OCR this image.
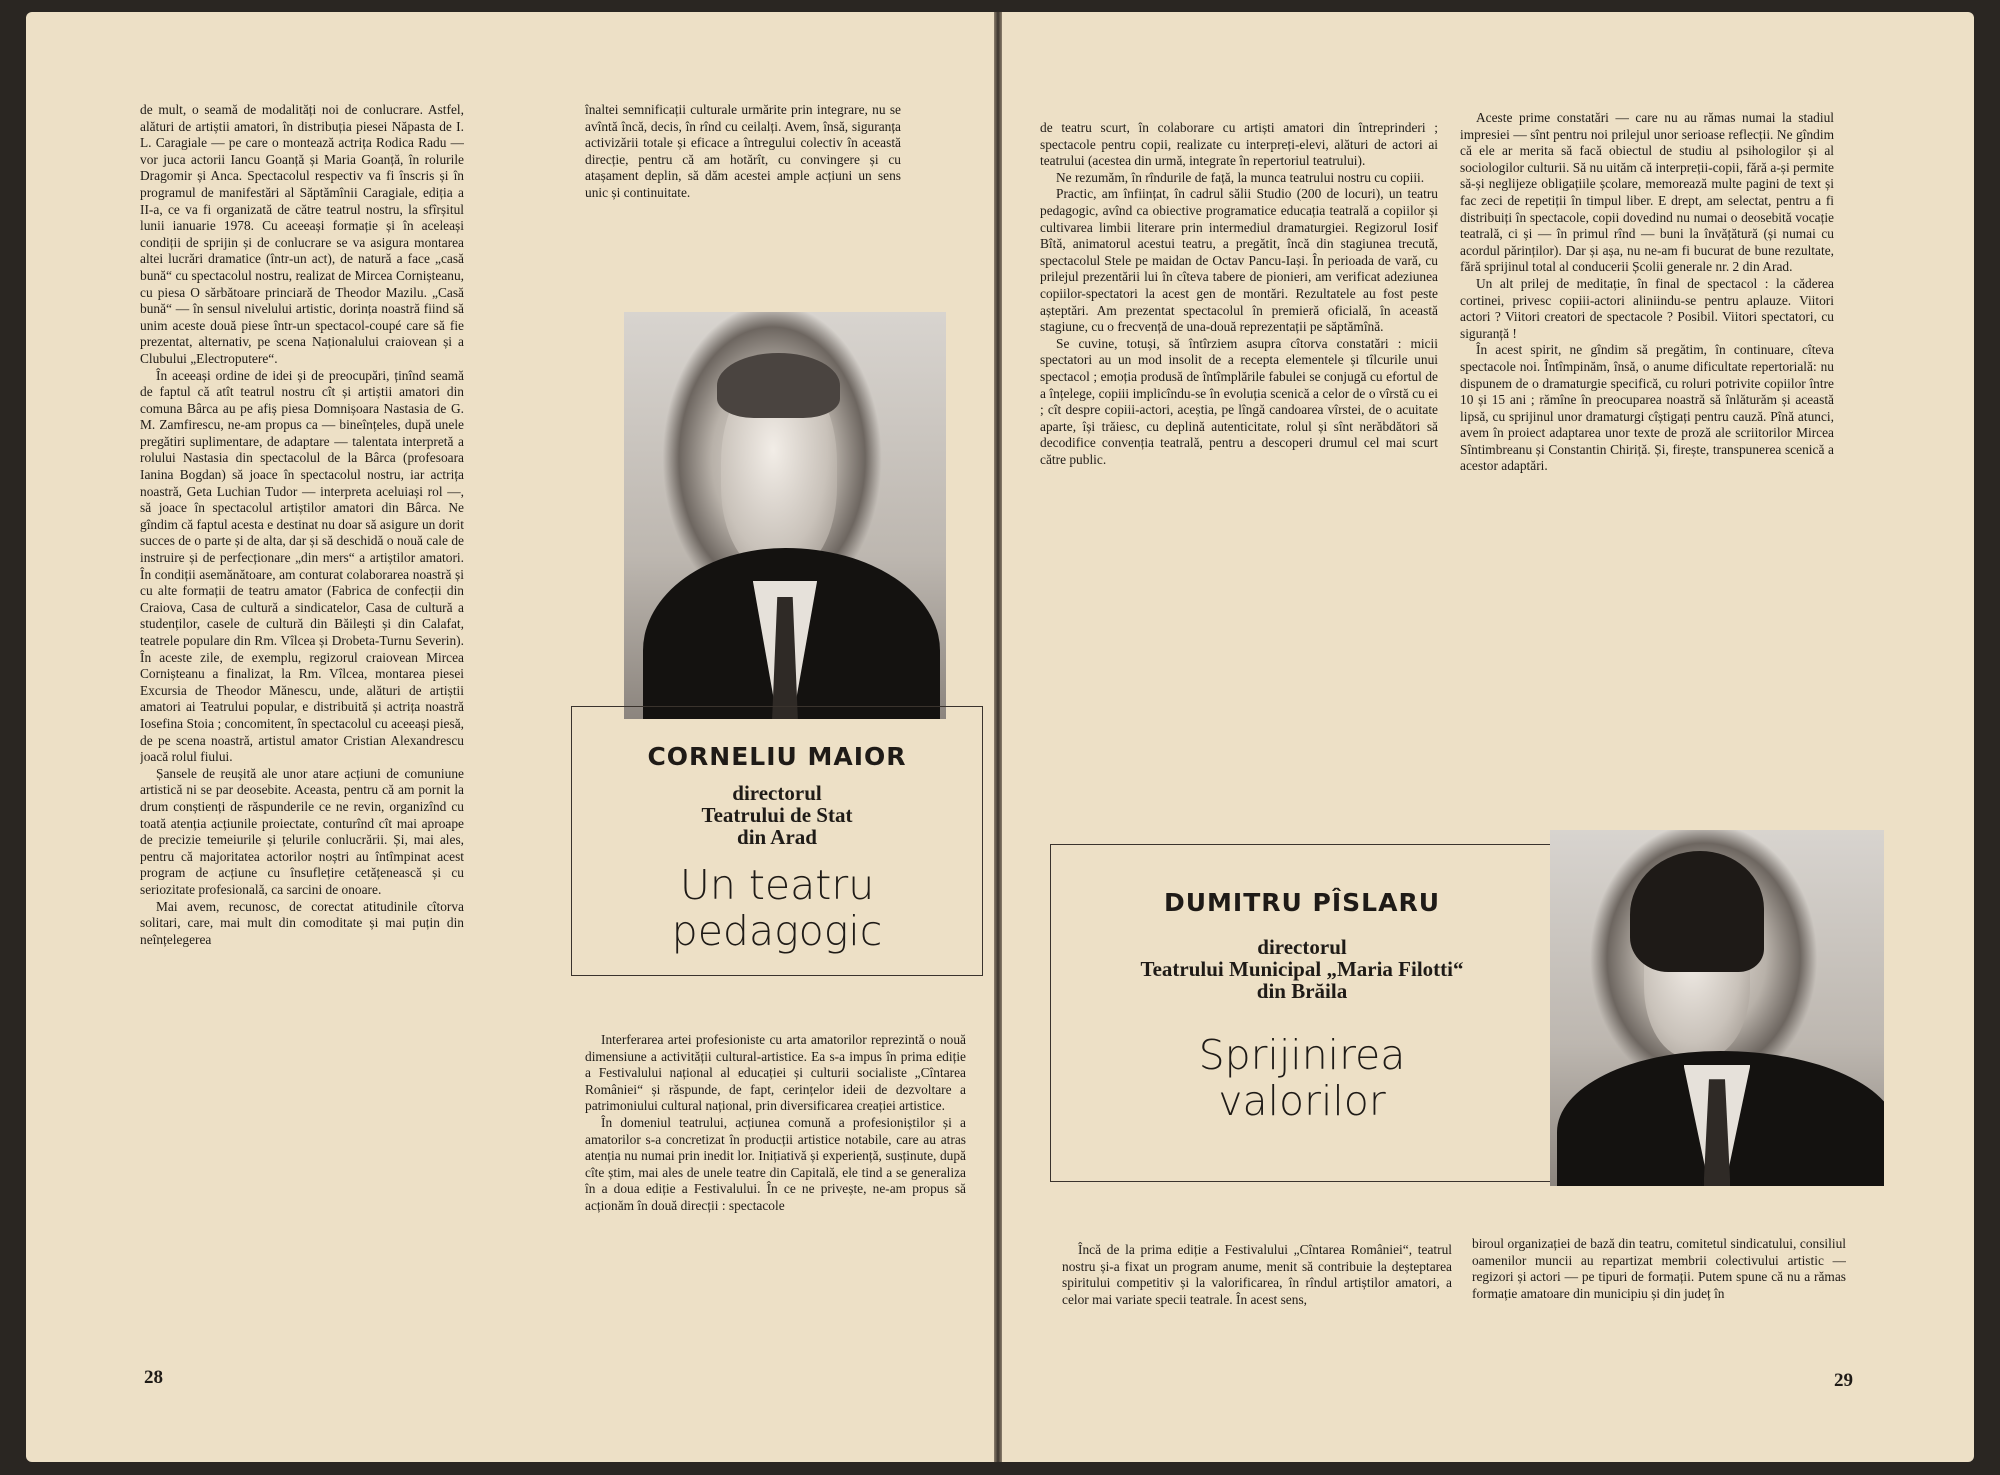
de mult, o seamă de modalități noi de conlucrare. Astfel, alături de artiștii amatori, în distribuția piesei Năpasta de I. L. Caragiale — pe care o montează actrița Rodica Radu — vor juca actorii Iancu Goanță și Maria Goanță, în rolurile Dragomir și Anca. Spectacolul respectiv va fi înscris și în programul de manifestări al Săptămînii Caragiale, ediția a II-a, ce va fi organizată de către teatrul nostru, la sfîrșitul lunii ianuarie 1978. Cu aceeași formație și în aceleași condiții de sprijin și de conlucrare se va asigura montarea altei lucrări dramatice (într-un act), de natură a face „casă bună“ cu spectacolul nostru, realizat de Mircea Cornișteanu, cu piesa O sărbătoare princiară de Theodor Mazilu. „Casă bună“ — în sensul nivelului artistic, dorința noastră fiind să unim aceste două piese într-un spectacol-coupé care să fie prezentat, alternativ, pe scena Naționalului craiovean și a Clubului „Electroputere“.

În aceeași ordine de idei și de preocupări, ținînd seamă de faptul că atît teatrul nostru cît și artiștii amatori din comuna Bârca au pe afiș piesa Domnișoara Nastasia de G. M. Zamfirescu, ne-am propus ca — bineînțeles, după unele pregătiri suplimentare, de adaptare — talentata interpretă a rolului Nastasia din spectacolul de la Bârca (profesoara Ianina Bogdan) să joace în spectacolul nostru, iar actrița noastră, Geta Luchian Tudor — interpreta aceluiași rol —, să joace în spectacolul artiștilor amatori din Bârca. Ne gîndim că faptul acesta e destinat nu doar să asigure un dorit succes de o parte și de alta, dar și să deschidă o nouă cale de instruire și de perfecționare „din mers“ a artiștilor amatori. În condiții asemănătoare, am conturat colaborarea noastră și cu alte formații de teatru amator (Fabrica de confecții din Craiova, Casa de cultură a sindicatelor, Casa de cultură a studenților, casele de cultură din Băilești și din Calafat, teatrele populare din Rm. Vîlcea și Drobeta-Turnu Severin). În aceste zile, de exemplu, regizorul craiovean Mircea Cornișteanu a finalizat, la Rm. Vîlcea, montarea piesei Excursia de Theodor Mănescu, unde, alături de artiștii amatori ai Teatrului popular, e distribuită și actrița noastră Iosefina Stoia ; concomitent, în spectacolul cu aceeași piesă, de pe scena noastră, artistul amator Cristian Alexandrescu joacă rolul fiului.

Șansele de reușită ale unor atare acțiuni de comuniune artistică ni se par deosebite. Aceasta, pentru că am pornit la drum conștienți de răspunderile ce ne revin, organizînd cu toată atenția acțiunile proiectate, conturînd cît mai aproape de precizie temeiurile și țelurile conlucrării. Și, mai ales, pentru că majoritatea actorilor noștri au întîmpinat acest program de acțiune cu însuflețire cetățenească și cu seriozitate profesională, ca sarcini de onoare.

Mai avem, recunosc, de corectat atitudinile cîtorva solitari, care, mai mult din comoditate și mai puțin din neînțelegerea

înaltei semnificații culturale urmărite prin integrare, nu se avîntă încă, decis, în rînd cu ceilalți. Avem, însă, siguranța activizării totale și eficace a întregului colectiv în această direcție, pentru că am hotărît, cu convingere și cu atașament deplin, să dăm acestei ample acțiuni un sens unic și continuitate.

CORNELIU MAIOR
directorul
Teatrului de Stat
din Arad
Un teatru
pedagogic

Interferarea artei profesioniste cu arta amatorilor reprezintă o nouă dimensiune a activității cultural-artistice. Ea s-a impus în prima ediție a Festivalului național al educației și culturii socialiste „Cîntarea României“ și răspunde, de fapt, cerințelor ideii de dezvoltare a patrimoniului cultural național, prin diversificarea creației artistice.

În domeniul teatrului, acțiunea comună a profesioniștilor și a amatorilor s-a concretizat în producții artistice notabile, care au atras atenția nu numai prin inedit lor. Inițiativă și experiență, susținute, după cîte știm, mai ales de unele teatre din Capitală, ele tind a se generaliza în a doua ediție a Festivalului. În ce ne privește, ne-am propus să acționăm în două direcții : spectacole

28

de teatru scurt, în colaborare cu artiști amatori din întreprinderi ; spectacole pentru copii, realizate cu interpreți-elevi, alături de actori ai teatrului (acestea din urmă, integrate în repertoriul teatrului).

Ne rezumăm, în rîndurile de față, la munca teatrului nostru cu copiii.

Practic, am înființat, în cadrul sălii Studio (200 de locuri), un teatru pedagogic, avînd ca obiective programatice educația teatrală a copiilor și cultivarea limbii literare prin intermediul dramaturgiei. Regizorul Iosif Bîtă, animatorul acestui teatru, a pregătit, încă din stagiunea trecută, spectacolul Stele pe maidan de Octav Pancu-Iași. În perioada de vară, cu prilejul prezentării lui în cîteva tabere de pionieri, am verificat adeziunea copiilor-spectatori la acest gen de montări. Rezultatele au fost peste așteptări. Am prezentat spectacolul în premieră oficială, în această stagiune, cu o frecvență de una-două reprezentații pe săptămînă.

Se cuvine, totuși, să întîrziem asupra cîtorva constatări : micii spectatori au un mod insolit de a recepta elementele și tîlcurile unui spectacol ; emoția produsă de întîmplările fabulei se conjugă cu efortul de a înțelege, copiii implicîndu-se în evoluția scenică a celor de o vîrstă cu ei ; cît despre copiii-actori, aceștia, pe lîngă candoarea vîrstei, de o acuitate aparte, își trăiesc, cu deplină autenticitate, rolul și sînt nerăbdători să decodifice convenția teatrală, pentru a descoperi drumul cel mai scurt către public.

Aceste prime constatări — care nu au rămas numai la stadiul impresiei — sînt pentru noi prilejul unor serioase reflecții. Ne gîndim că ele ar merita să facă obiectul de studiu al psihologilor și al sociologilor culturii. Să nu uităm că interpreții-copii, fără a-și permite să-și neglijeze obligațiile școlare, memorează multe pagini de text și fac zeci de repetiții în timpul liber. E drept, am selectat, pentru a fi distribuiți în spectacole, copii dovedind nu numai o deosebită vocație teatrală, ci și — în primul rînd — buni la învățătură (și numai cu acordul părinților). Dar și așa, nu ne-am fi bucurat de bune rezultate, fără sprijinul total al conducerii Școlii generale nr. 2 din Arad.

Un alt prilej de meditație, în final de spectacol : la căderea cortinei, privesc copiii-actori aliniindu-se pentru aplauze. Viitori actori ? Viitori creatori de spectacole ? Posibil. Viitori spectatori, cu siguranță !

În acest spirit, ne gîndim să pregătim, în continuare, cîteva spectacole noi. Întîmpinăm, însă, o anume dificultate repertorială: nu dispunem de o dramaturgie specifică, cu roluri potrivite copiilor între 10 și 15 ani ; rămîne în preocuparea noastră să înlăturăm și această lipsă, cu sprijinul unor dramaturgi cîștigați pentru cauză. Pînă atunci, avem în proiect adaptarea unor texte de proză ale scriitorilor Mircea Sîntimbreanu și Constantin Chiriță. Și, firește, transpunerea scenică a acestor adaptări.

DUMITRU PÎSLARU
directorul
Teatrului Municipal „Maria Filotti“
din Brăila
Sprijinirea
valorilor

Încă de la prima ediție a Festivalului „Cîntarea României“, teatrul nostru și-a fixat un program anume, menit să contribuie la deșteptarea spiritului competitiv și la valorificarea, în rîndul artiștilor amatori, a celor mai variate specii teatrale. În acest sens,

biroul organizației de bază din teatru, comitetul sindicatului, consiliul oamenilor muncii au repartizat membrii colectivului artistic — regizori și actori — pe tipuri de formații. Putem spune că nu a rămas formație amatoare din municipiu și din județ în

29
